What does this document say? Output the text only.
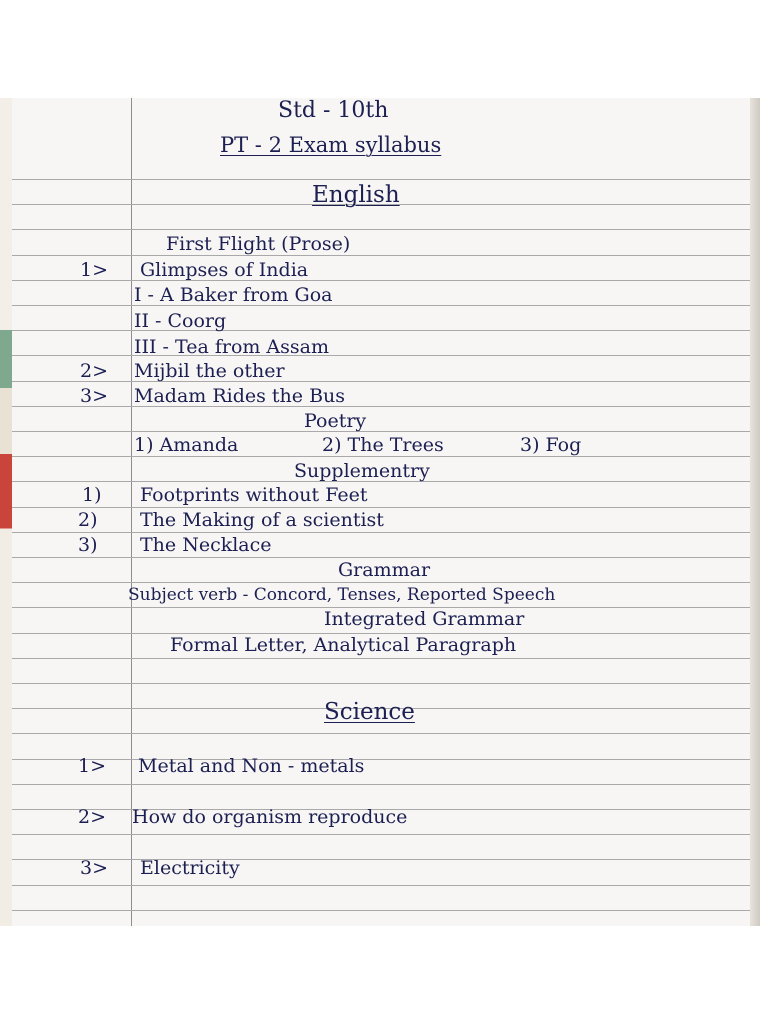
Std - 10th
PT - 2 Exam syllabus
English
First Flight (Prose)
1> Glimpses of India
I - A Baker from Goa
II - Coorg
III - Tea from Assam
2> Mijbil the other
3> Madam Rides the Bus
Poetry
1) Amanda	2) The Trees	3) Fog
Supplementry
1) Footprints without Feet
2) The Making of a scientist
3) The Necklace
Grammar
Subject verb - Concord, Tenses, Reported Speech
Integrated Grammar
Formal Letter, Analytical Paragraph
Science
1> Metal and Non - metals
2> How do organism reproduce
3> Electricity
